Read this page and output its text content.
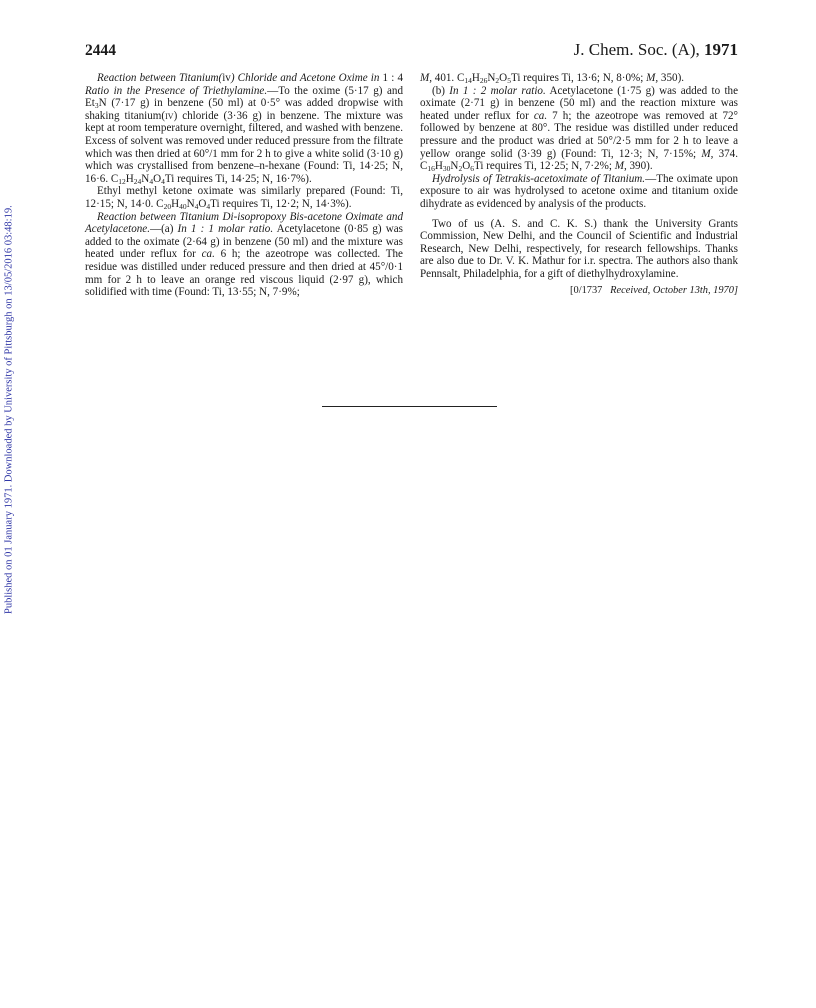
Published on 01 January 1971. Downloaded by University of Pittsburgh on 13/05/2016 03:48:19.
2444	J. Chem. Soc. (A), 1971

Reaction between Titanium(iv) Chloride and Acetone Oxime in 1 : 4 Ratio in the Presence of Triethylamine.—To the oxime (5·17 g) and $Et_3N$ (7·17 g) in benzene (50 ml) at 0·5° was added dropwise with shaking titanium(iv) chloride (3·36 g) in benzene. The mixture was kept at room temperature overnight, filtered, and washed with benzene. Excess of solvent was removed under reduced pressure from the filtrate which was then dried at 60°/1 mm for 2 h to give a white solid (3·10 g) which was crystallised from benzene–n-hexane (Found: Ti, 14·25; N, 16·6. $C_{12}H_{24}N_4O_4Ti$ requires Ti, 14·25; N, 16·7%).

Ethyl methyl ketone oximate was similarly prepared (Found: Ti, 12·15; N, 14·0. $C_{20}H_{40}N_4O_4Ti$ requires Ti, 12·2; N, 14·3%).

Reaction between Titanium Di-isopropoxy Bis-acetone Oximate and Acetylacetone.—(a) In 1 : 1 molar ratio. Acetylacetone (0·85 g) was added to the oximate (2·64 g) in benzene (50 ml) and the mixture was heated under reflux for ca. 6 h; the azeotrope was collected. The residue was distilled under reduced pressure and then dried at 45°/0·1 mm for 2 h to leave an orange red viscous liquid (2·97 g), which solidified with time (Found: Ti, 13·55; N, 7·9%;

M, 401. $C_{14}H_{26}N_2O_5Ti$ requires Ti, 13·6; N, 8·0%; M, 350).

(b) In 1 : 2 molar ratio. Acetylacetone (1·75 g) was added to the oximate (2·71 g) in benzene (50 ml) and the reaction mixture was heated under reflux for ca. 7 h; the azeotrope was removed at 72° followed by benzene at 80°. The residue was distilled under reduced pressure and the product was dried at 50°/2·5 mm for 2 h to leave a yellow orange solid (3·39 g) (Found: Ti, 12·3; N, 7·15%; M, 374. $C_{16}H_{30}N_2O_6Ti$ requires Ti, 12·25; N, 7·2%; M, 390).

Hydrolysis of Tetrakis-acetoximate of Titanium.—The oximate upon exposure to air was hydrolysed to acetone oxime and titanium oxide dihydrate as evidenced by analysis of the products.

Two of us (A. S. and C. K. S.) thank the University Grants Commission, New Delhi, and the Council of Scientific and Industrial Research, New Delhi, respectively, for research fellowships. Thanks are also due to Dr. V. K. Mathur for i.r. spectra. The authors also thank Pennsalt, Philadelphia, for a gift of diethylhydroxylamine.

[0/1737 Received, October 13th, 1970]
